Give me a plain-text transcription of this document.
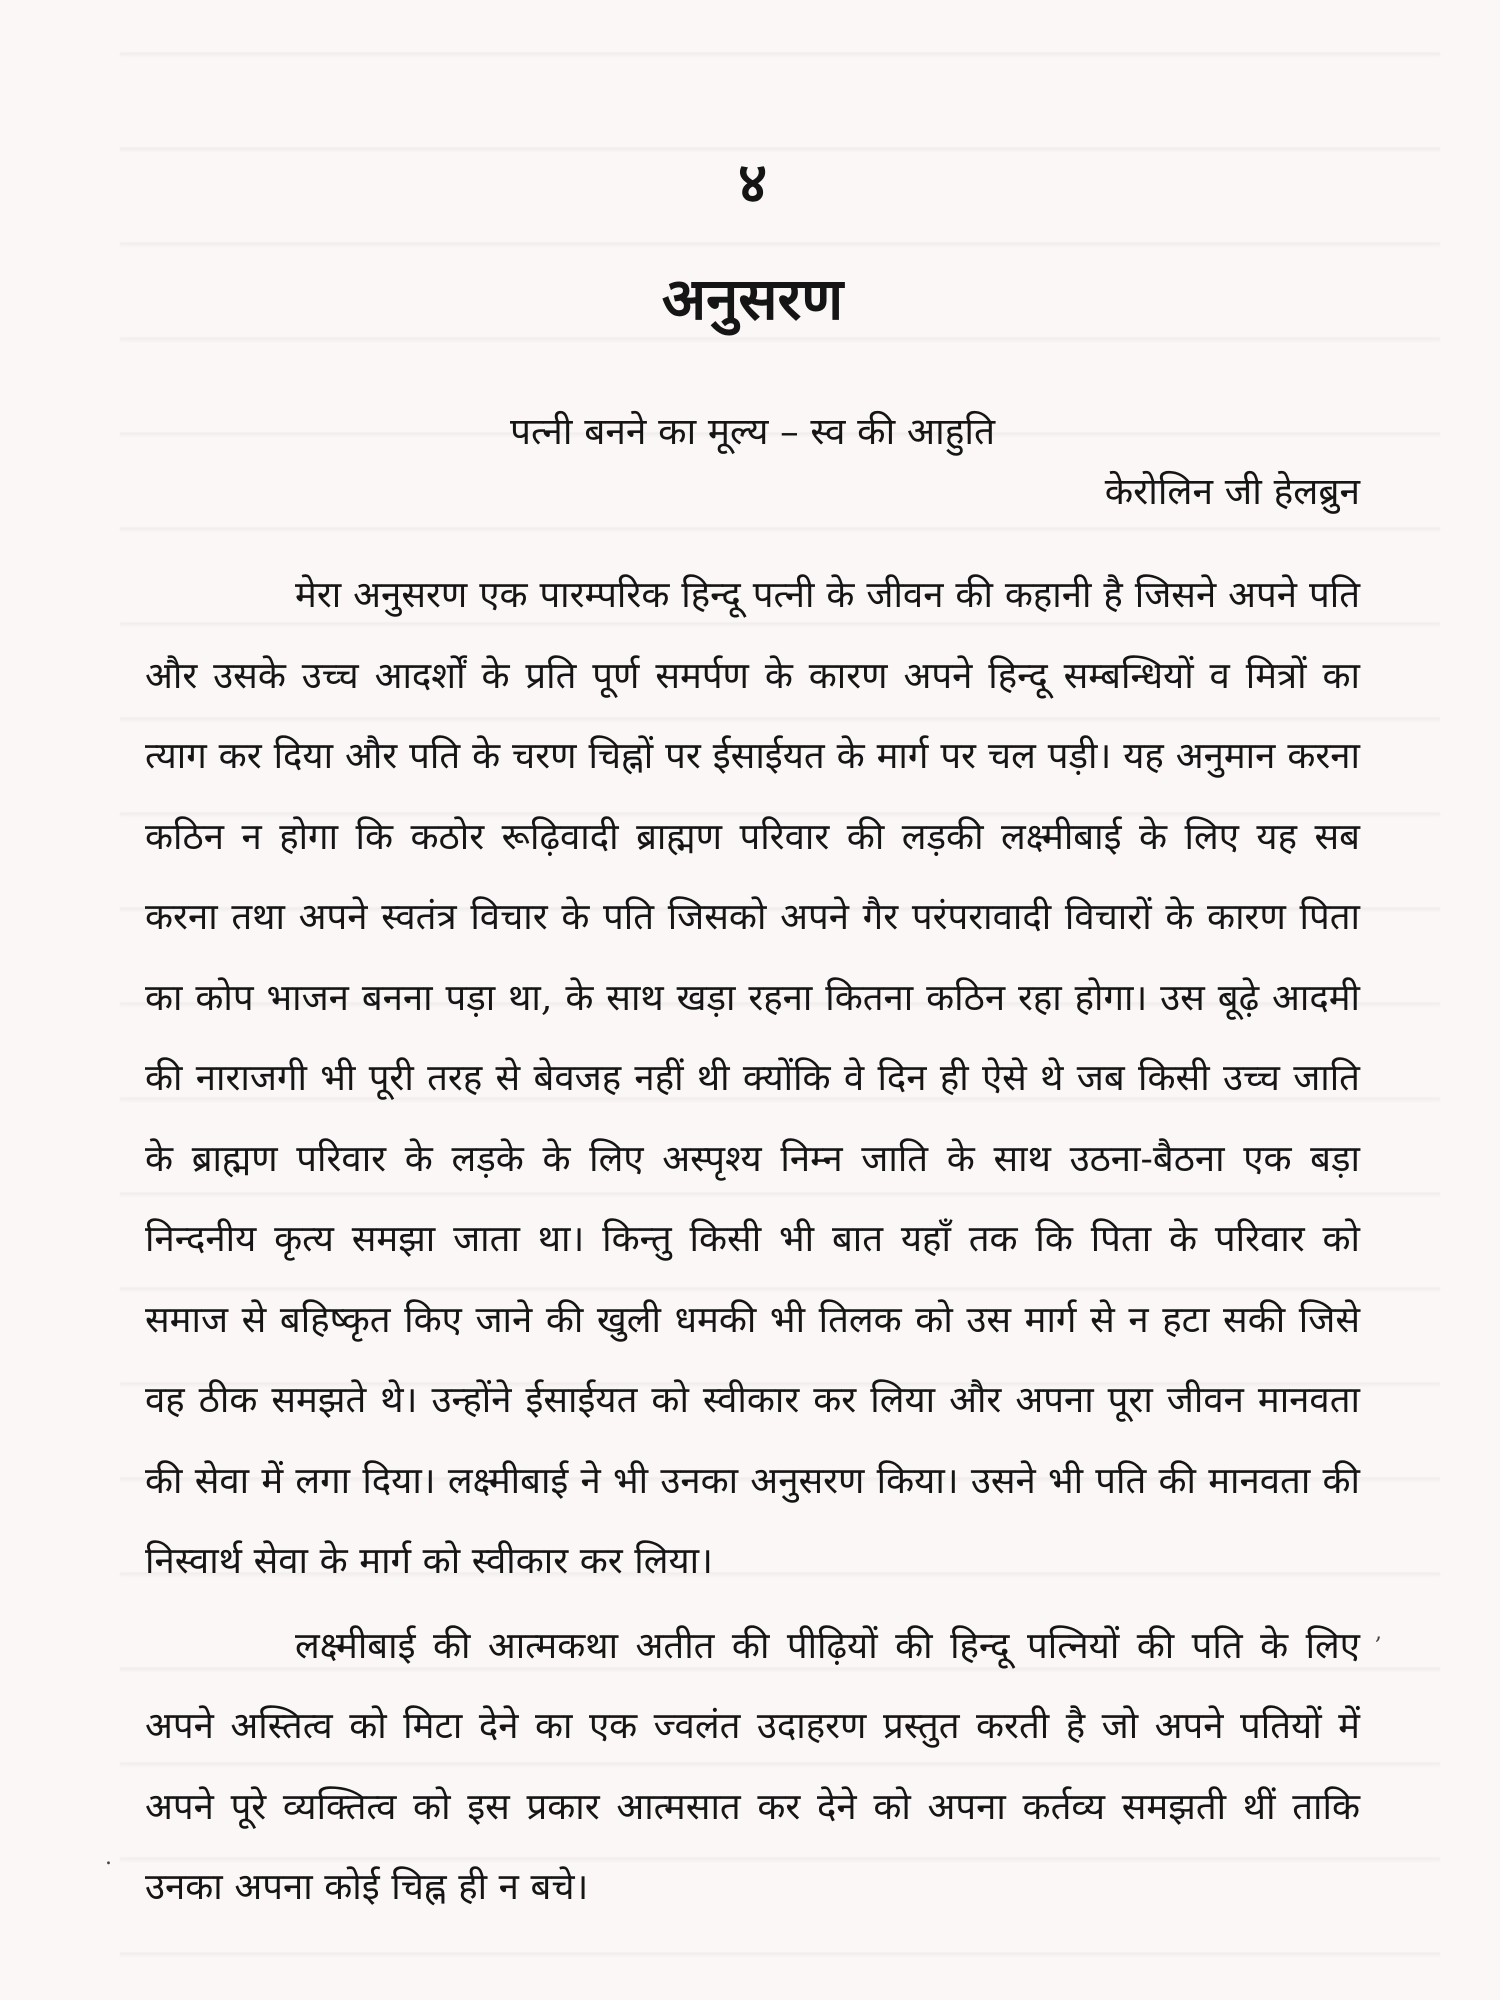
४
अनुसरण
पत्नी बनने का मूल्य – स्व की आहुति
केरोलिन जी हेलब्रुन

मेरा अनुसरण एक पारम्परिक हिन्दू पत्नी के जीवन की कहानी है जिसने अपने पति और उसके उच्च आदर्शों के प्रति पूर्ण समर्पण के कारण अपने हिन्दू सम्बन्धियों व मित्रों का त्याग कर दिया और पति के चरण चिह्नों पर ईसाईयत के मार्ग पर चल पड़ी। यह अनुमान करना कठिन न होगा कि कठोर रूढ़िवादी ब्राह्मण परिवार की लड़की लक्ष्मीबाई के लिए यह सब करना तथा अपने स्वतंत्र विचार के पति जिसको अपने गैर परंपरावादी विचारों के कारण पिता का कोप भाजन बनना पड़ा था, के साथ खड़ा रहना कितना कठिन रहा होगा। उस बूढ़े आदमी की नाराजगी भी पूरी तरह से बेवजह नहीं थी क्योंकि वे दिन ही ऐसे थे जब किसी उच्च जाति के ब्राह्मण परिवार के लड़के के लिए अस्पृश्य निम्न जाति के साथ उठना-बैठना एक बड़ा निन्दनीय कृत्य समझा जाता था। किन्तु किसी भी बात यहाँ तक कि पिता के परिवार को समाज से बहिष्कृत किए जाने की खुली धमकी भी तिलक को उस मार्ग से न हटा सकी जिसे वह ठीक समझते थे। उन्होंने ईसाईयत को स्वीकार कर लिया और अपना पूरा जीवन मानवता की सेवा में लगा दिया। लक्ष्मीबाई ने भी उनका अनुसरण किया। उसने भी पति की मानवता की निस्वार्थ सेवा के मार्ग को स्वीकार कर लिया।

लक्ष्मीबाई की आत्मकथा अतीत की पीढ़ियों की हिन्दू पत्नियों की पति के लिए अपने अस्तित्व को मिटा देने का एक ज्वलंत उदाहरण प्रस्तुत करती है जो अपने पतियों में अपने पूरे व्यक्तित्व को इस प्रकार आत्मसात कर देने को अपना कर्तव्य समझती थीं ताकि उनका अपना कोई चिह्न ही न बचे।

.
,
